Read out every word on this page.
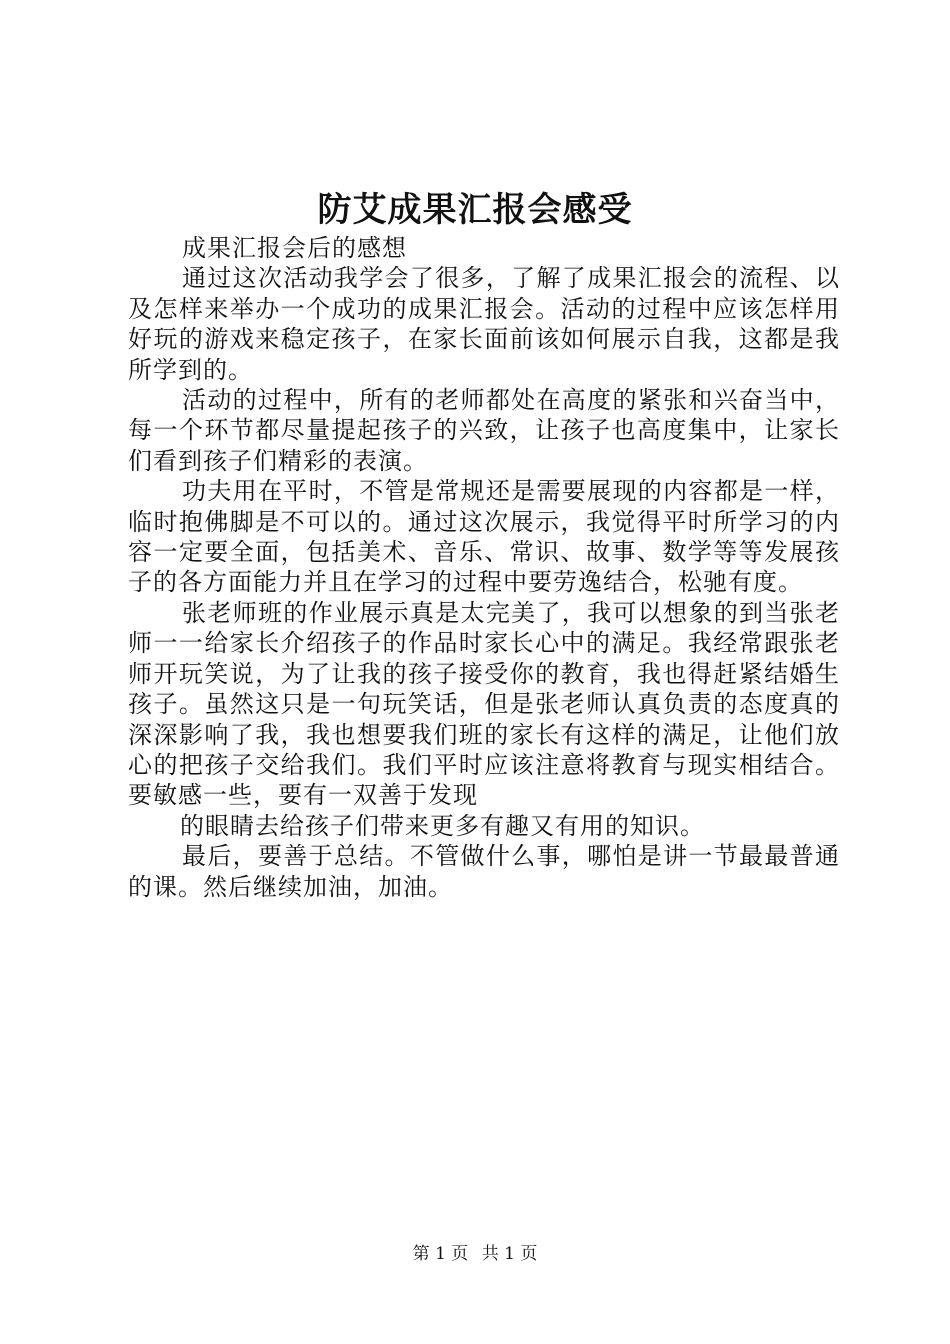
防艾成果汇报会感受

成果汇报会后的感想

通过这次活动我学会了很多，了解了成果汇报会的流程、以及怎样来举办一个成功的成果汇报会。活动的过程中应该怎样用好玩的游戏来稳定孩子，在家长面前该如何展示自我，这都是我所学到的。

活动的过程中，所有的老师都处在高度的紧张和兴奋当中，每一个环节都尽量提起孩子的兴致，让孩子也高度集中，让家长们看到孩子们精彩的表演。

功夫用在平时，不管是常规还是需要展现的内容都是一样，临时抱佛脚是不可以的。通过这次展示，我觉得平时所学习的内容一定要全面，包括美术、音乐、常识、故事、数学等等发展孩子的各方面能力并且在学习的过程中要劳逸结合，松驰有度。

张老师班的作业展示真是太完美了，我可以想象的到当张老师一一给家长介绍孩子的作品时家长心中的满足。我经常跟张老师开玩笑说，为了让我的孩子接受你的教育，我也得赶紧结婚生孩子。虽然这只是一句玩笑话，但是张老师认真负责的态度真的深深影响了我，我也想要我们班的家长有这样的满足，让他们放心的把孩子交给我们。我们平时应该注意将教育与现实相结合。要敏感一些，要有一双善于发现

的眼睛去给孩子们带来更多有趣又有用的知识。

最后，要善于总结。不管做什么事，哪怕是讲一节最最普通的课。然后继续加油，加油。

第 1 页 共 1 页
